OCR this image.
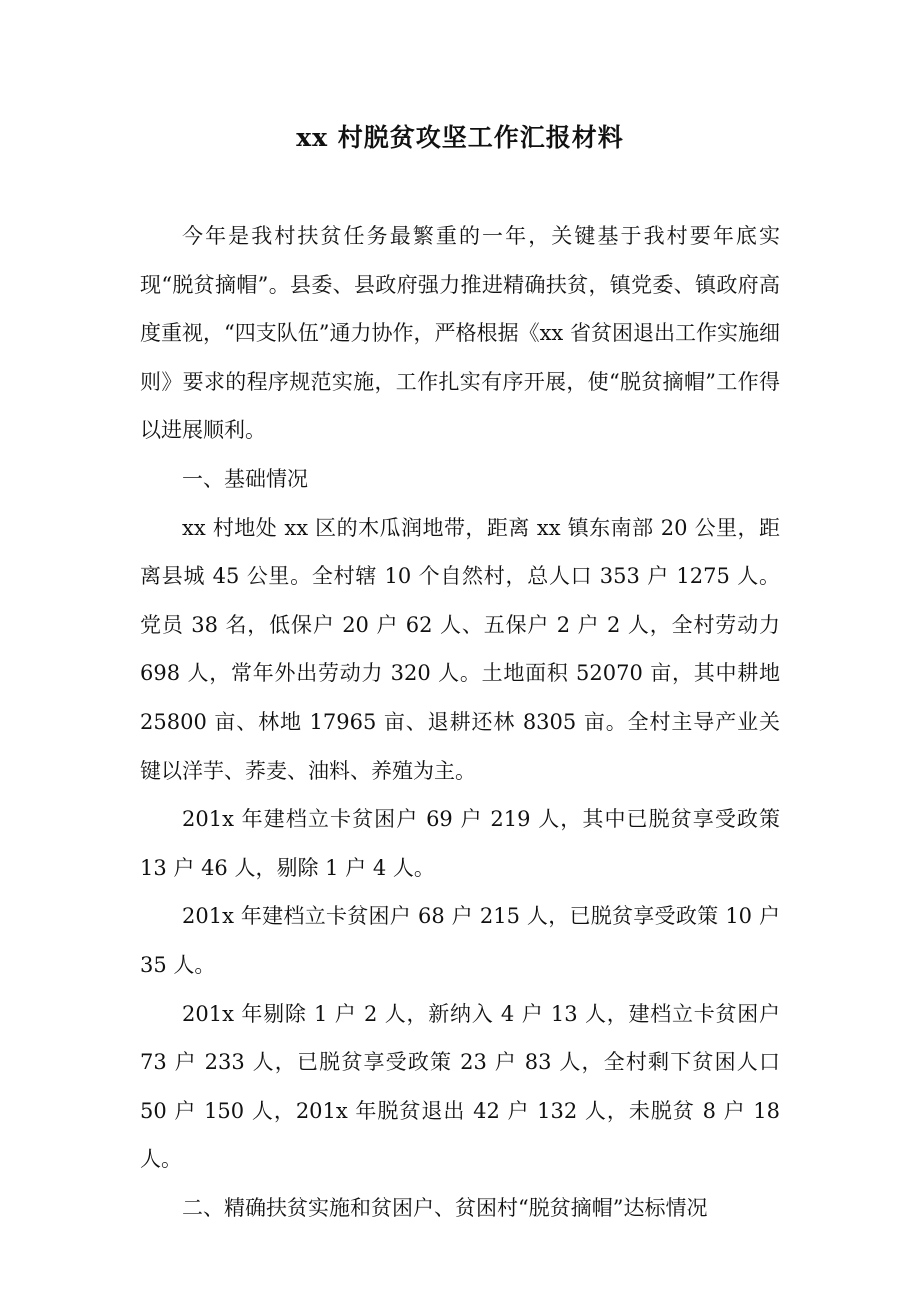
xx 村脱贫攻坚工作汇报材料

今年是我村扶贫任务最繁重的一年，关键基于我村要年底实现“脱贫摘帽”。县委、县政府强力推进精确扶贫，镇党委、镇政府高度重视，“四支队伍”通力协作，严格根据《xx 省贫困退出工作实施细则》要求的程序规范实施，工作扎实有序开展，使“脱贫摘帽”工作得以进展顺利。

一、基础情况

xx 村地处 xx 区的木瓜润地带，距离 xx 镇东南部 20 公里，距离县城 45 公里。全村辖 10 个自然村，总人口 353 户 1275 人。党员 38 名，低保户 20 户 62 人、五保户 2 户 2 人，全村劳动力 698 人，常年外出劳动力 320 人。土地面积 52070 亩，其中耕地 25800 亩、林地 17965 亩、退耕还林 8305 亩。全村主导产业关键以洋芋、荞麦、油料、养殖为主。

201x 年建档立卡贫困户 69 户 219 人，其中已脱贫享受政策 13 户 46 人，剔除 1 户 4 人。

201x 年建档立卡贫困户 68 户 215 人，已脱贫享受政策 10 户 35 人。

201x 年剔除 1 户 2 人，新纳入 4 户 13 人，建档立卡贫困户 73 户 233 人，已脱贫享受政策 23 户 83 人，全村剩下贫困人口 50 户 150 人，201x 年脱贫退出 42 户 132 人，未脱贫 8 户 18 人。

二、精确扶贫实施和贫困户、贫困村“脱贫摘帽”达标情况
